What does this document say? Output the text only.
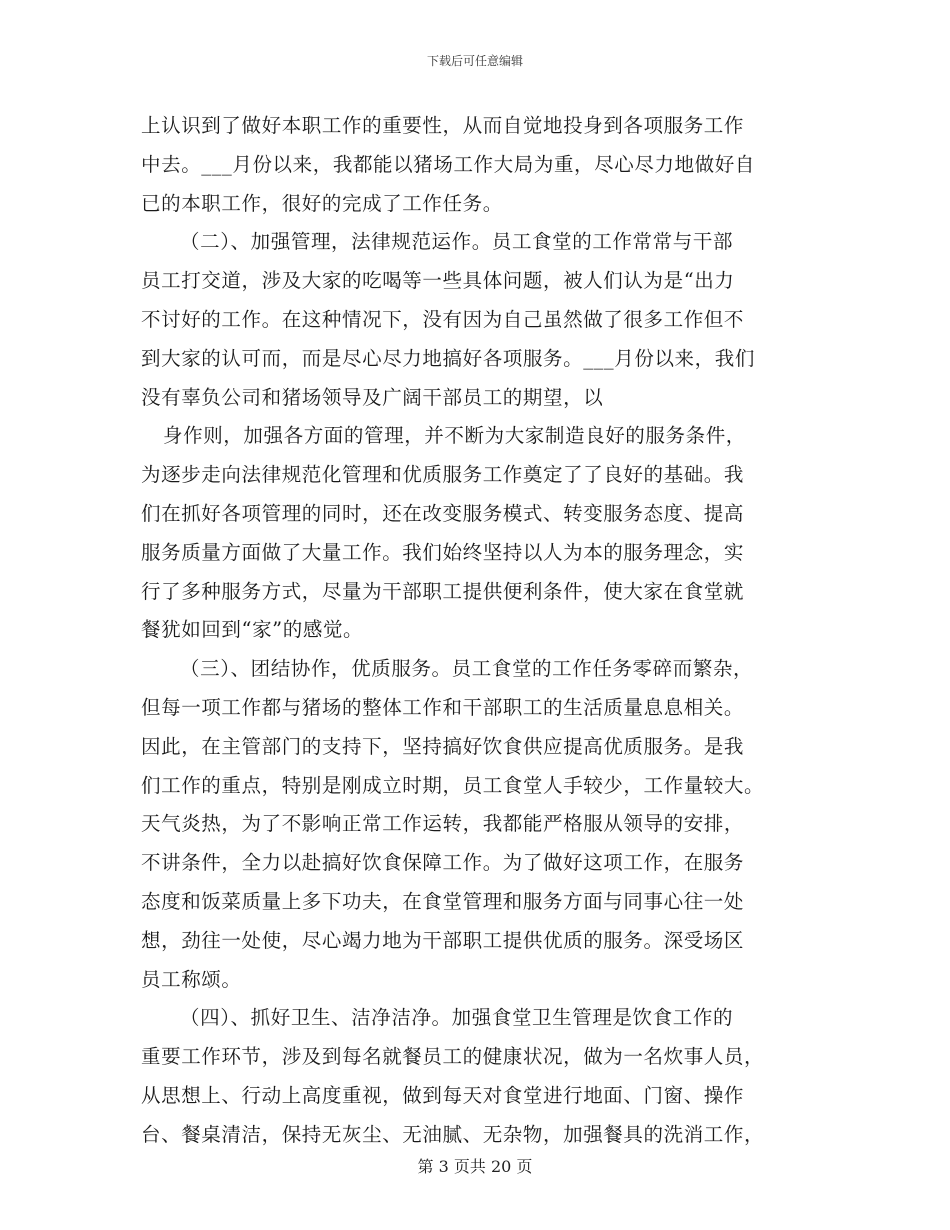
下载后可任意编辑
上认识到了做好本职工作的重要性，从而自觉地投身到各项服务工作
中去。___月份以来，我都能以猪场工作大局为重，尽心尽力地做好自
已的本职工作，很好的完成了工作任务。
（二）、加强管理，法律规范运作。员工食堂的工作常常与干部
员工打交道，涉及大家的吃喝等一些具体问题，被人们认为是“出力
不讨好的工作。在这种情况下，没有因为自己虽然做了很多工作但不
到大家的认可而，而是尽心尽力地搞好各项服务。___月份以来，我们
没有辜负公司和猪场领导及广阔干部员工的期望，以
身作则，加强各方面的管理，并不断为大家制造良好的服务条件，
为逐步走向法律规范化管理和优质服务工作奠定了了良好的基础。我
们在抓好各项管理的同时，还在改变服务模式、转变服务态度、提高
服务质量方面做了大量工作。我们始终坚持以人为本的服务理念，实
行了多种服务方式，尽量为干部职工提供便利条件，使大家在食堂就
餐犹如回到“家”的感觉。
（三）、团结协作，优质服务。员工食堂的工作任务零碎而繁杂，
但每一项工作都与猪场的整体工作和干部职工的生活质量息息相关。
因此，在主管部门的支持下，坚持搞好饮食供应提高优质服务。是我
们工作的重点，特别是刚成立时期，员工食堂人手较少，工作量较大。
天气炎热，为了不影响正常工作运转，我都能严格服从领导的安排，
不讲条件，全力以赴搞好饮食保障工作。为了做好这项工作，在服务
态度和饭菜质量上多下功夫，在食堂管理和服务方面与同事心往一处
想，劲往一处使，尽心竭力地为干部职工提供优质的服务。深受场区
员工称颂。
（四）、抓好卫生、洁净洁净。加强食堂卫生管理是饮食工作的
重要工作环节，涉及到每名就餐员工的健康状况，做为一名炊事人员，
从思想上、行动上高度重视，做到每天对食堂进行地面、门窗、操作
台、餐桌清洁，保持无灰尘、无油腻、无杂物，加强餐具的洗消工作，
第 3 页共 20 页
